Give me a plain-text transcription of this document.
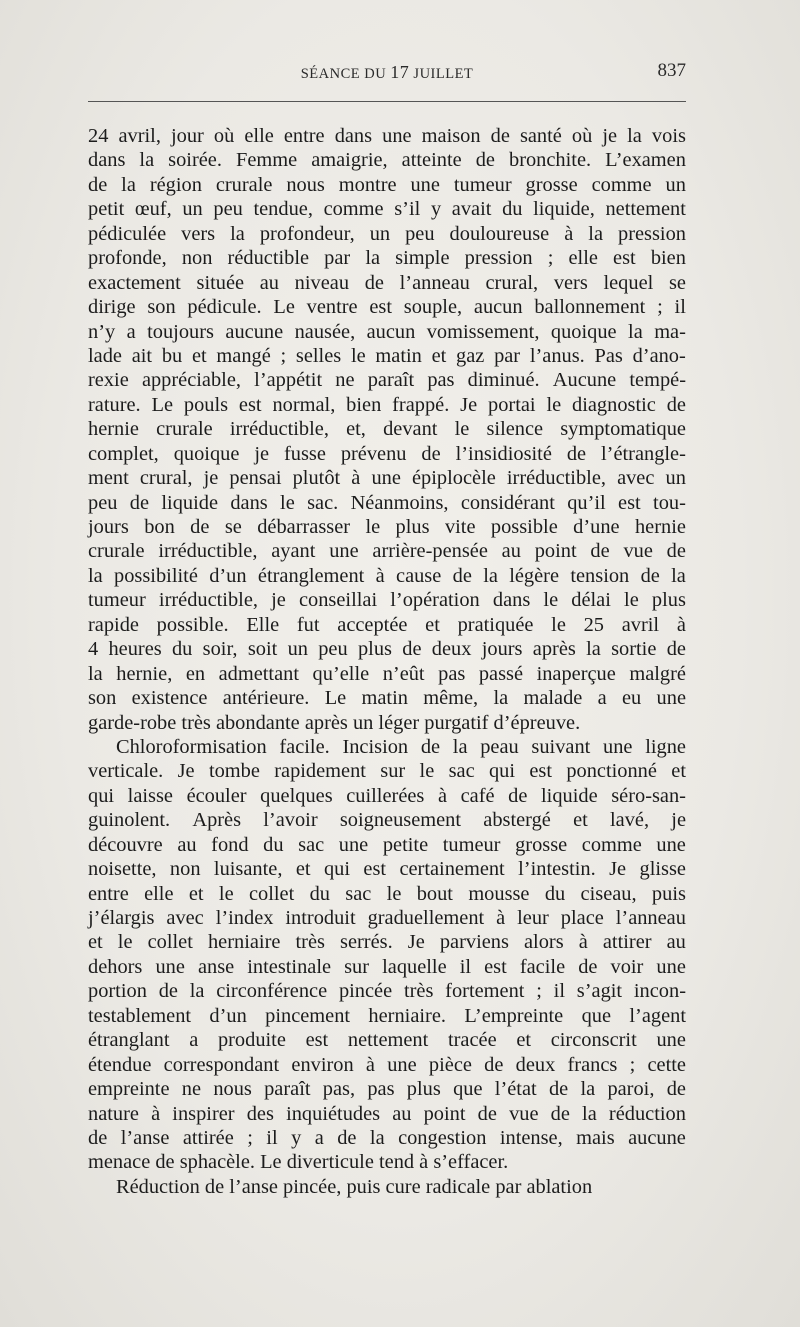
SÉANCE DU 17 JUILLET	837
24 avril, jour où elle entre dans une maison de santé où je la vois
dans la soirée. Femme amaigrie, atteinte de bronchite. L’examen
de la région crurale nous montre une tumeur grosse comme un
petit œuf, un peu tendue, comme s’il y avait du liquide, nettement
pédiculée vers la profondeur, un peu douloureuse à la pression
profonde, non réductible par la simple pression ; elle est bien
exactement située au niveau de l’anneau crural, vers lequel se
dirige son pédicule. Le ventre est souple, aucun ballonnement ; il
n’y a toujours aucune nausée, aucun vomissement, quoique la ma-
lade ait bu et mangé ; selles le matin et gaz par l’anus. Pas d’ano-
rexie appréciable, l’appétit ne paraît pas diminué. Aucune tempé-
rature. Le pouls est normal, bien frappé. Je portai le diagnostic de
hernie crurale irréductible, et, devant le silence symptomatique
complet, quoique je fusse prévenu de l’insidiosité de l’étrangle-
ment crural, je pensai plutôt à une épiplocèle irréductible, avec un
peu de liquide dans le sac. Néanmoins, considérant qu’il est tou-
jours bon de se débarrasser le plus vite possible d’une hernie
crurale irréductible, ayant une arrière-pensée au point de vue de
la possibilité d’un étranglement à cause de la légère tension de la
tumeur irréductible, je conseillai l’opération dans le délai le plus
rapide possible. Elle fut acceptée et pratiquée le 25 avril à
4 heures du soir, soit un peu plus de deux jours après la sortie de
la hernie, en admettant qu’elle n’eût pas passé inaperçue malgré
son existence antérieure. Le matin même, la malade a eu une
garde-robe très abondante après un léger purgatif d’épreuve.
Chloroformisation facile. Incision de la peau suivant une ligne
verticale. Je tombe rapidement sur le sac qui est ponctionné et
qui laisse écouler quelques cuillerées à café de liquide séro-san-
guinolent. Après l’avoir soigneusement abstergé et lavé, je
découvre au fond du sac une petite tumeur grosse comme une
noisette, non luisante, et qui est certainement l’intestin. Je glisse
entre elle et le collet du sac le bout mousse du ciseau, puis
j’élargis avec l’index introduit graduellement à leur place l’anneau
et le collet herniaire très serrés. Je parviens alors à attirer au
dehors une anse intestinale sur laquelle il est facile de voir une
portion de la circonférence pincée très fortement ; il s’agit incon-
testablement d’un pincement herniaire. L’empreinte que l’agent
étranglant a produite est nettement tracée et circonscrit une
étendue correspondant environ à une pièce de deux francs ; cette
empreinte ne nous paraît pas, pas plus que l’état de la paroi, de
nature à inspirer des inquiétudes au point de vue de la réduction
de l’anse attirée ; il y a de la congestion intense, mais aucune
menace de sphacèle. Le diverticule tend à s’effacer.
Réduction de l’anse pincée, puis cure radicale par ablation
